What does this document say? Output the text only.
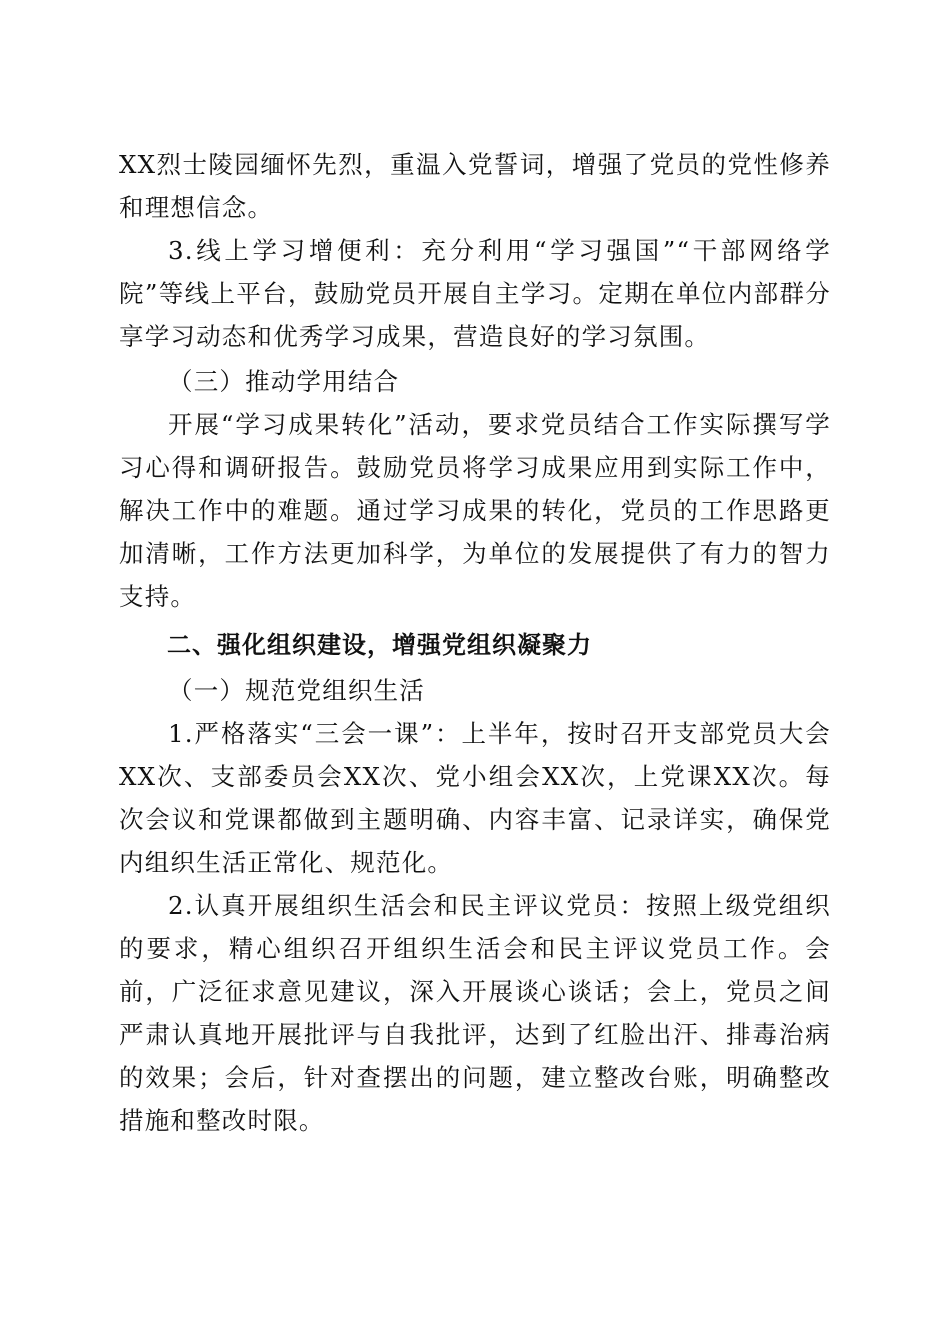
XX烈士陵园缅怀先烈，重温入党誓词，增强了党员的党性修养和理想信念。

3.线上学习增便利：充分利用“学习强国”“干部网络学院”等线上平台，鼓励党员开展自主学习。定期在单位内部群分享学习动态和优秀学习成果，营造良好的学习氛围。

（三）推动学用结合

开展“学习成果转化”活动，要求党员结合工作实际撰写学习心得和调研报告。鼓励党员将学习成果应用到实际工作中，解决工作中的难题。通过学习成果的转化，党员的工作思路更加清晰，工作方法更加科学，为单位的发展提供了有力的智力支持。

二、强化组织建设，增强党组织凝聚力

（一）规范党组织生活

1.严格落实“三会一课”：上半年，按时召开支部党员大会XX次、支部委员会XX次、党小组会XX次，上党课XX次。每次会议和党课都做到主题明确、内容丰富、记录详实，确保党内组织生活正常化、规范化。

2.认真开展组织生活会和民主评议党员：按照上级党组织的要求，精心组织召开组织生活会和民主评议党员工作。会前，广泛征求意见建议，深入开展谈心谈话；会上，党员之间严肃认真地开展批评与自我批评，达到了红脸出汗、排毒治病的效果；会后，针对查摆出的问题，建立整改台账，明确整改措施和整改时限。
